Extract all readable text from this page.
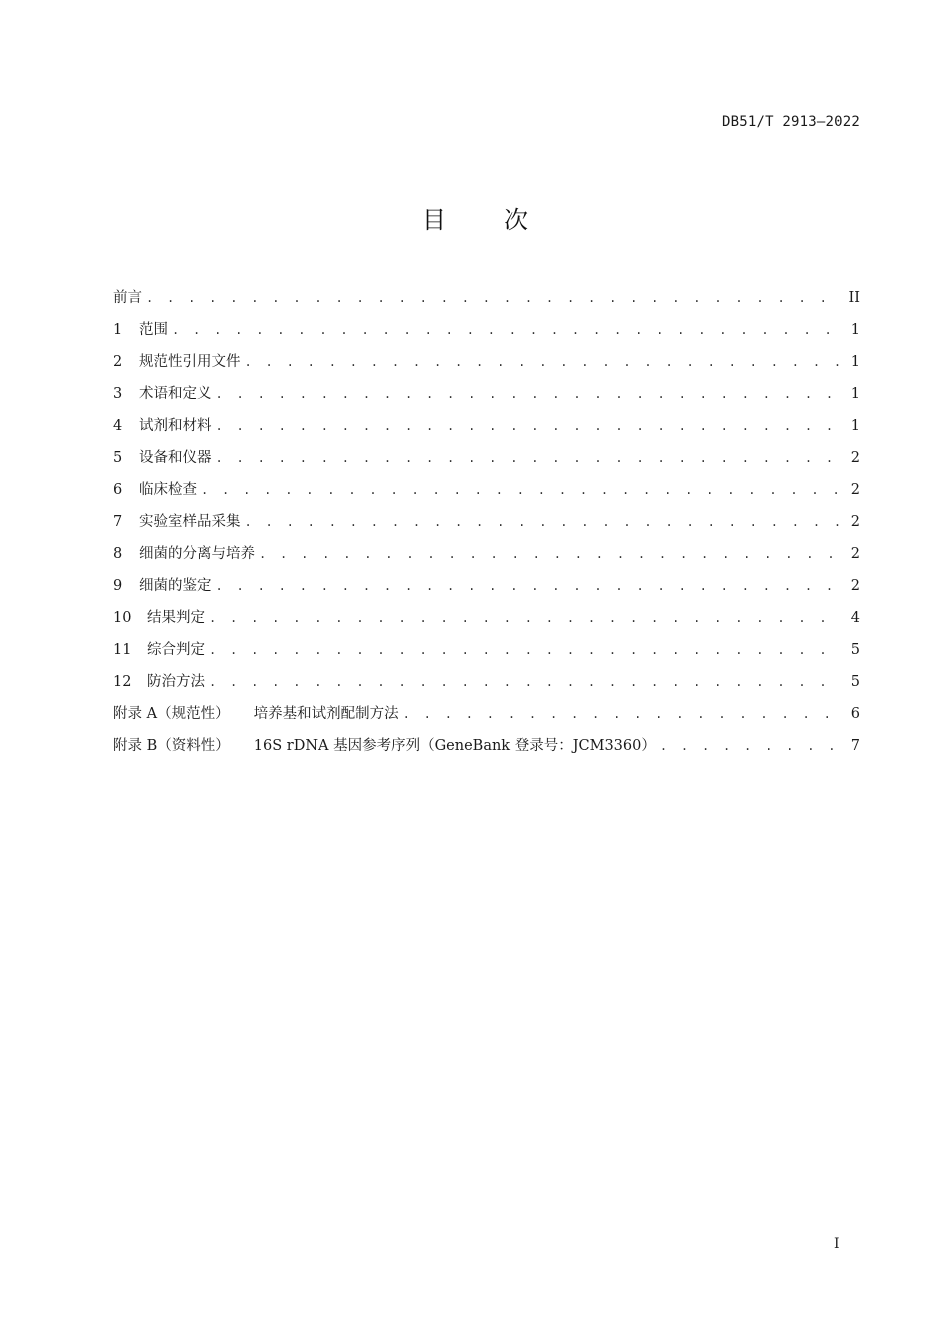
DB51/T 2913—2022
目次
前言 . . .	II
1	范围 . . .	1
2	规范性引用文件 . . .	1
3	术语和定义 . . .	1
4	试剂和材料 . . .	1
5	设备和仪器 . . .	2
6	临床检查 . . .	2
7	实验室样品采集 . . .	2
8	细菌的分离与培养 . . .	2
9	细菌的鉴定 . . .	2
10	结果判定 . . .	4
11	综合判定 . . .	5
12	防治方法 . . .	5
附录 A（规范性） 培养基和试剂配制方法 . . .	6
附录 B（资料性） 16S rDNA 基因参考序列（GeneBank 登录号：JCM3360） . . .	7
I
